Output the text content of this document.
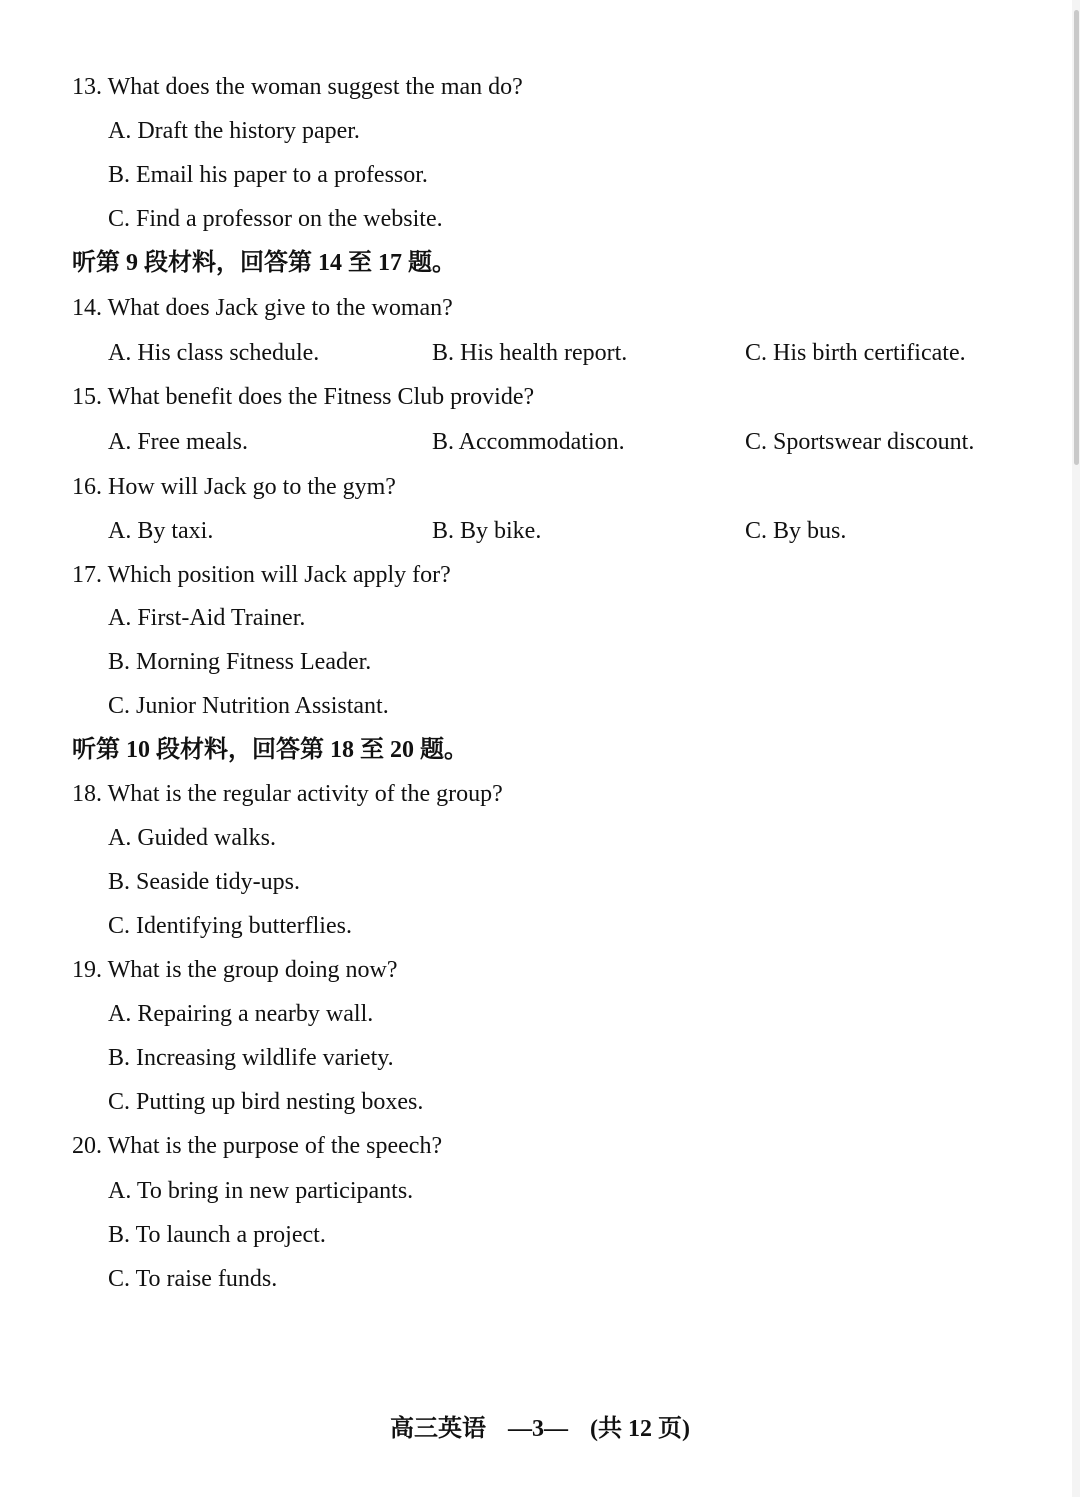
13. What does the woman suggest the man do?
A. Draft the history paper.
B. Email his paper to a professor.
C. Find a professor on the website.
听第 9 段材料，回答第 14 至 17 题。
14. What does Jack give to the woman?
A. His class schedule.	B. His health report.	C. His birth certificate.
15. What benefit does the Fitness Club provide?
A. Free meals.	B. Accommodation.	C. Sportswear discount.
16. How will Jack go to the gym?
A. By taxi.	B. By bike.	C. By bus.
17. Which position will Jack apply for?
A. First-Aid Trainer.
B. Morning Fitness Leader.
C. Junior Nutrition Assistant.
听第 10 段材料，回答第 18 至 20 题。
18. What is the regular activity of the group?
A. Guided walks.
B. Seaside tidy-ups.
C. Identifying butterflies.
19. What is the group doing now?
A. Repairing a nearby wall.
B. Increasing wildlife variety.
C. Putting up bird nesting boxes.
20. What is the purpose of the speech?
A. To bring in new participants.
B. To launch a project.
C. To raise funds.
高三英语 —3— (共 12 页)
